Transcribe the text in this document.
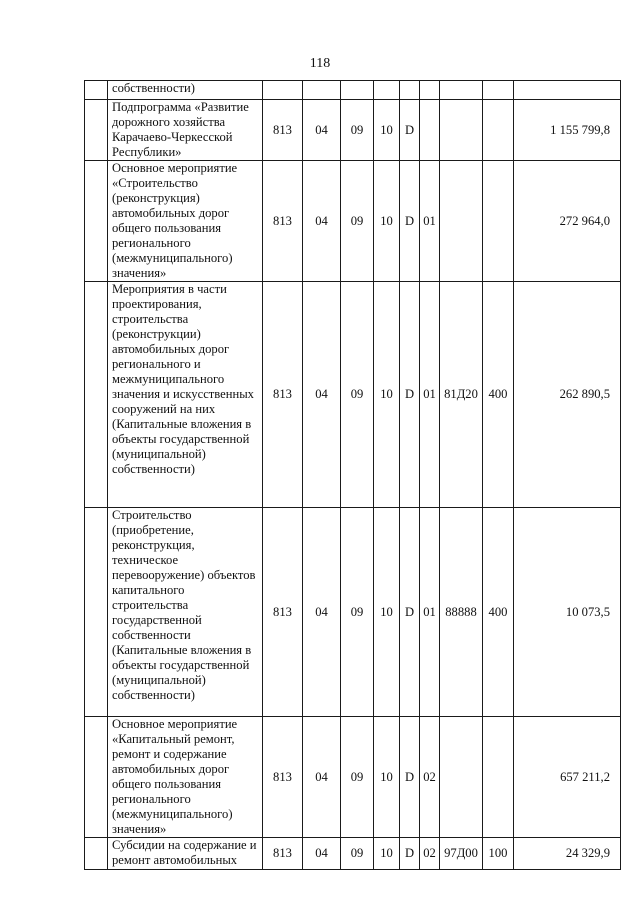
118
	собственности)									
	Подпрограмма «Развитие дорожного хозяйства Карачаево-Черкесской Республики»	813	04	09	10	D				1 155 799,8
	Основное мероприятие «Строительство (реконструкция) автомобильных дорог общего пользования регионального (межмуниципального) значения»	813	04	09	10	D	01			272 964,0
	Мероприятия в части проектирования, строительства (реконструкции) автомобильных дорог регионального и межмуниципального значения и искусственных сооружений на них (Капитальные вложения в объекты государственной (муниципальной) собственности)	813	04	09	10	D	01	81Д20	400	262 890,5
	Строительство (приобретение, реконструкция, техническое перевооружение) объектов капитального строительства государственной собственности (Капитальные вложения в объекты государственной (муниципальной) собственности)	813	04	09	10	D	01	88888	400	10 073,5
	Основное мероприятие «Капитальный ремонт, ремонт и содержание автомобильных дорог общего пользования регионального (межмуниципального) значения»	813	04	09	10	D	02			657 211,2
	Субсидии на содержание и ремонт автомобильных	813	04	09	10	D	02	97Д00	100	24 329,9
